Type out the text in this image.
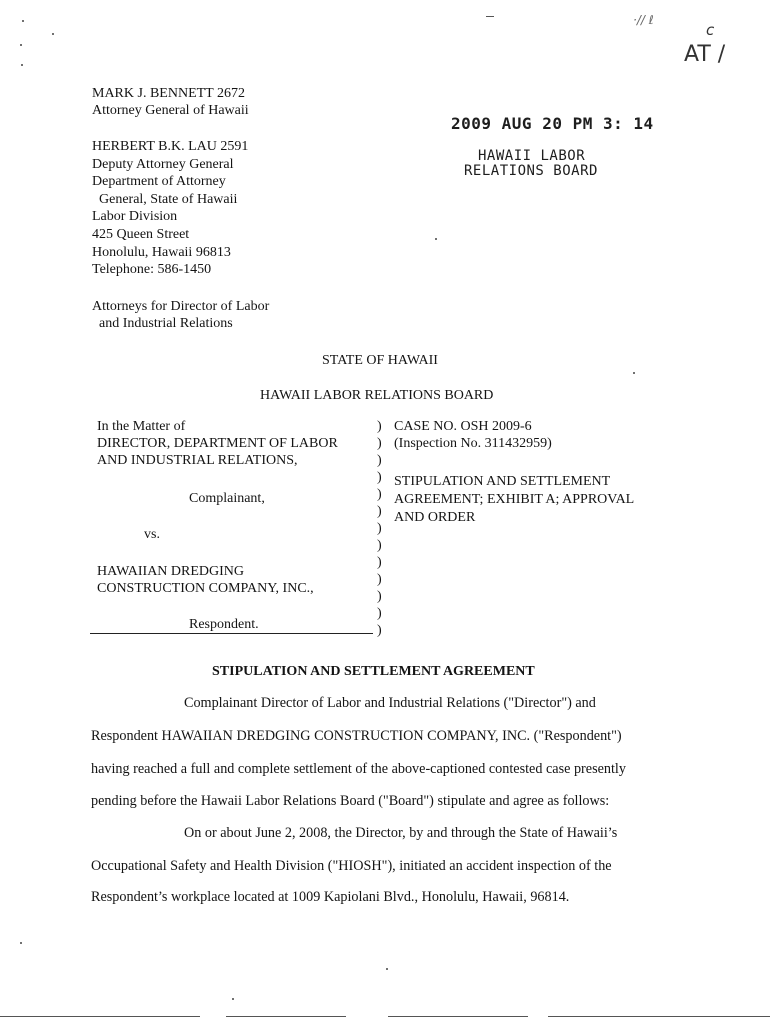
·// ℓ
c
AT /
2009 AUG 20 PM 3: 14
HAWAII LABOR
RELATIONS BOARD
MARK J. BENNETT 2672
Attorney General of Hawaii
HERBERT B.K. LAU 2591
Deputy Attorney General
Department of Attorney
General, State of Hawaii
Labor Division
425 Queen Street
Honolulu, Hawaii 96813
Telephone: 586-1450
Attorneys for Director of Labor
and Industrial Relations
STATE OF HAWAII
HAWAII LABOR RELATIONS BOARD
In the Matter of
DIRECTOR, DEPARTMENT OF LABOR
AND INDUSTRIAL RELATIONS,
Complainant,
vs.
HAWAIIAN DREDGING
CONSTRUCTION COMPANY, INC.,
Respondent.
)
)
)
)
)
)
)
)
)
)
)
)
)
CASE NO. OSH 2009-6
(Inspection No. 311432959)
STIPULATION AND SETTLEMENT
AGREEMENT; EXHIBIT A; APPROVAL
AND ORDER
STIPULATION AND SETTLEMENT AGREEMENT
Complainant Director of Labor and Industrial Relations ("Director") and
Respondent HAWAIIAN DREDGING CONSTRUCTION COMPANY, INC. ("Respondent")
having reached a full and complete settlement of the above-captioned contested case presently
pending before the Hawaii Labor Relations Board ("Board") stipulate and agree as follows:
On or about June 2, 2008, the Director, by and through the State of Hawaii’s
Occupational Safety and Health Division ("HIOSH"), initiated an accident inspection of the
Respondent’s workplace located at 1009 Kapiolani Blvd., Honolulu, Hawaii, 96814.
